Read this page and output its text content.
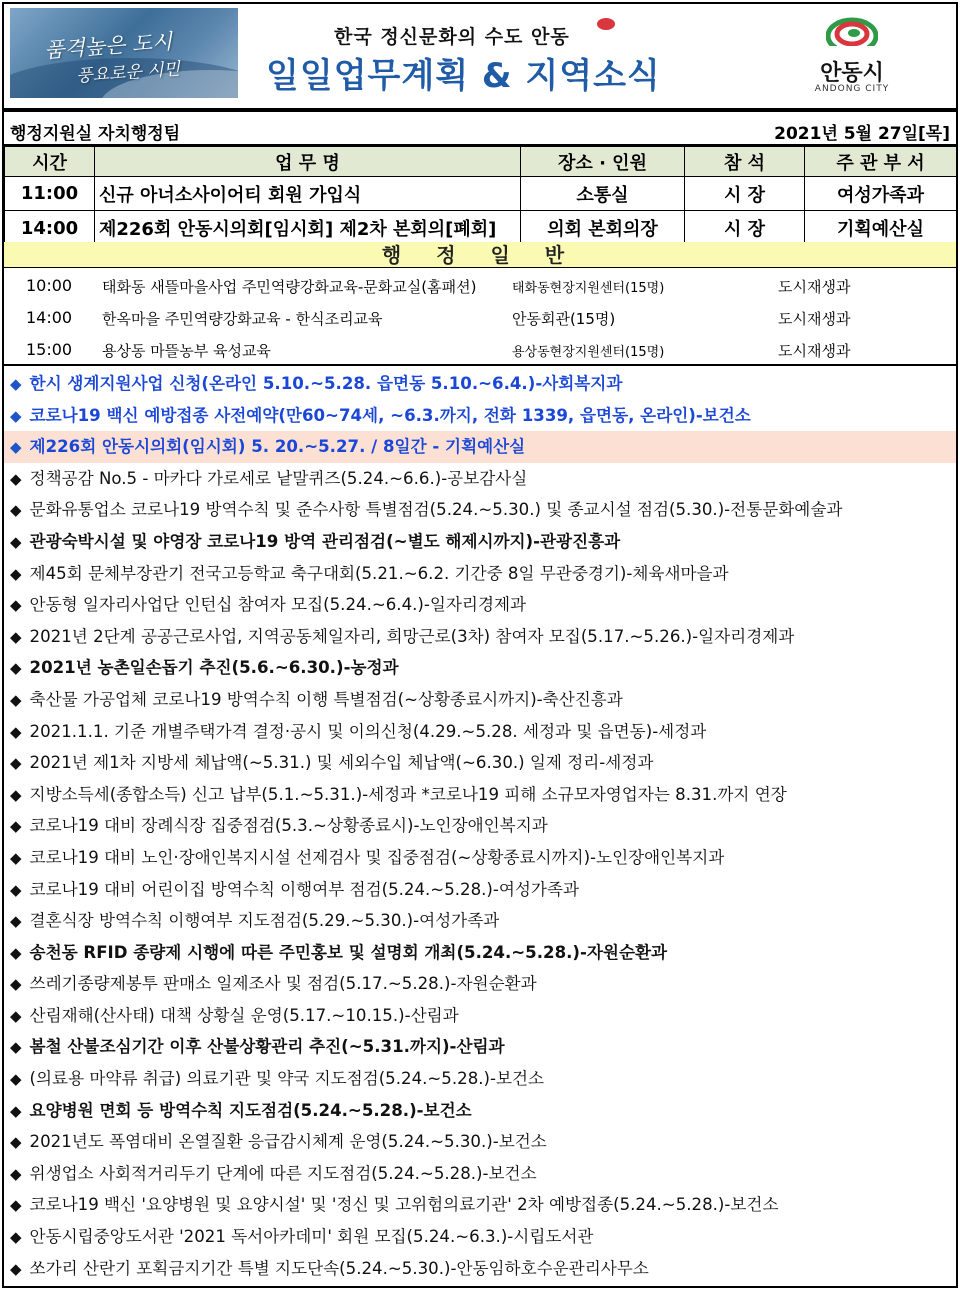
품격높은 도시
풍요로운 시민
한국 정신문화의 수도 안동
일일업무계획 & 지역소식	안동시
ANDONG CITY
행정지원실 자치행정팀	2021년 5월 27일[목]
시간	업 무 명	장소 · 인원	참 석	주 관 부 서
11:00	신규 아너소사이어티 회원 가입식	소통실	시 장	여성가족과
14:00	제226회 안동시의회[임시회] 제2차 본회의[폐회]	의회 본회의장	시 장	기획예산실
행 정 일 반
10:00 태화동 새뜰마을사업 주민역량강화교육-문화교실(홈패션)	태화동현장지원센터(15명)	도시재생과
14:00 한옥마을 주민역량강화교육 - 한식조리교육	안동회관(15명)	도시재생과
15:00 용상동 마뜰농부 육성교육	용상동현장지원센터(15명)	도시재생과
◆ 한시 생계지원사업 신청(온라인 5.10.~5.28. 읍면동 5.10.~6.4.)-사회복지과
◆ 코로나19 백신 예방접종 사전예약(만60~74세, ~6.3.까지, 전화 1339, 읍면동, 온라인)-보건소
◆ 제226회 안동시의회(임시회) 5. 20.~5.27. / 8일간 - 기획예산실
◆ 정책공감 No.5 - 마카다 가로세로 낱말퀴즈(5.24.~6.6.)-공보감사실
◆ 문화유통업소 코로나19 방역수칙 및 준수사항 특별점검(5.24.~5.30.) 및 종교시설 점검(5.30.)-전통문화예술과
◆ 관광숙박시설 및 야영장 코로나19 방역 관리점검(~별도 해제시까지)-관광진흥과
◆ 제45회 문체부장관기 전국고등학교 축구대회(5.21.~6.2. 기간중 8일 무관중경기)-체육새마을과
◆ 안동형 일자리사업단 인턴십 참여자 모집(5.24.~6.4.)-일자리경제과
◆ 2021년 2단계 공공근로사업, 지역공동체일자리, 희망근로(3차) 참여자 모집(5.17.~5.26.)-일자리경제과
◆ 2021년 농촌일손돕기 추진(5.6.~6.30.)-농정과
◆ 축산물 가공업체 코로나19 방역수칙 이행 특별점검(~상황종료시까지)-축산진흥과
◆ 2021.1.1. 기준 개별주택가격 결정·공시 및 이의신청(4.29.~5.28. 세정과 및 읍면동)-세정과
◆ 2021년 제1차 지방세 체납액(~5.31.) 및 세외수입 체납액(~6.30.) 일제 정리-세정과
◆ 지방소득세(종합소득) 신고 납부(5.1.~5.31.)-세정과 *코로나19 피해 소규모자영업자는 8.31.까지 연장
◆ 코로나19 대비 장례식장 집중점검(5.3.~상황종료시)-노인장애인복지과
◆ 코로나19 대비 노인·장애인복지시설 선제검사 및 집중점검(~상황종료시까지)-노인장애인복지과
◆ 코로나19 대비 어린이집 방역수칙 이행여부 점검(5.24.~5.28.)-여성가족과
◆ 결혼식장 방역수칙 이행여부 지도점검(5.29.~5.30.)-여성가족과
◆ 송천동 RFID 종량제 시행에 따른 주민홍보 및 설명회 개최(5.24.~5.28.)-자원순환과
◆ 쓰레기종량제봉투 판매소 일제조사 및 점검(5.17.~5.28.)-자원순환과
◆ 산림재해(산사태) 대책 상황실 운영(5.17.~10.15.)-산림과
◆ 봄철 산불조심기간 이후 산불상황관리 추진(~5.31.까지)-산림과
◆ (의료용 마약류 취급) 의료기관 및 약국 지도점검(5.24.~5.28.)-보건소
◆ 요양병원 면회 등 방역수칙 지도점검(5.24.~5.28.)-보건소
◆ 2021년도 폭염대비 온열질환 응급감시체계 운영(5.24.~5.30.)-보건소
◆ 위생업소 사회적거리두기 단계에 따른 지도점검(5.24.~5.28.)-보건소
◆ 코로나19 백신 '요양병원 및 요양시설' 및 '정신 및 고위험의료기관' 2차 예방접종(5.24.~5.28.)-보건소
◆ 안동시립중앙도서관 '2021 독서아카데미' 회원 모집(5.24.~6.3.)-시립도서관
◆ 쏘가리 산란기 포획금지기간 특별 지도단속(5.24.~5.30.)-안동임하호수운관리사무소
